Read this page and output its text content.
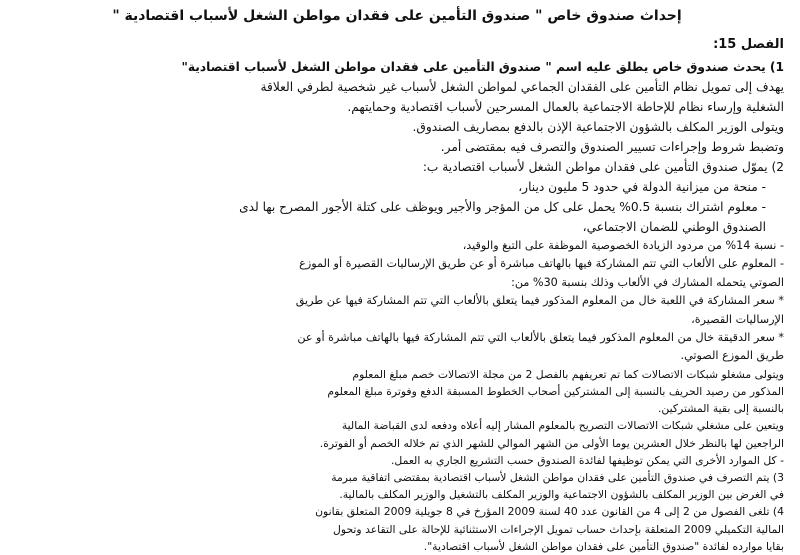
إحداث صندوق خاص " صندوق التأمين على فقدان مواطن الشغل لأسباب اقتصادية "
الفصل 15:
1) يحدث صندوق خاص يطلق عليه اسم " صندوق التأمين على فقدان مواطن الشغل لأسباب اقتصادية"
يهدف إلى تمويل نظام التأمين على الفقدان الجماعي لمواطن الشغل لأسباب غير شخصية لطرفي العلاقة
الشغلية وإرساء نظام للإحاطة الاجتماعية بالعمال المسرحين لأسباب اقتصادية وحمايتهم.
ويتولى الوزير المكلف بالشؤون الاجتماعية الإذن بالدفع بمصاريف الصندوق.
وتضبط شروط وإجراءات تسيير الصندوق والتصرف فيه بمقتضى أمر.
2) يموّل صندوق التأمين على فقدان مواطن الشغل لأسباب اقتصادية ب:
- منحة من ميزانية الدولة في حدود 5 مليون دينار،
- معلوم اشتراك بنسبة 0.5% يحمل على كل من المؤجر والأجير ويوظف على كتلة الأجور المصرح بها لدى
الصندوق الوطني للضمان الاجتماعي،
- نسبة 14% من مردود الزيادة الخصوصية الموظفة على التبغ والوقيد،
- المعلوم على الألعاب التي تتم المشاركة فيها بالهاتف مباشرة أو عن طريق الإرساليات القصيرة أو الموزع
الصوتي يتحمله المشارك في الألعاب وذلك بنسبة 30% من:
* سعر المشاركة في اللعبة خال من المعلوم المذكور فيما يتعلق بالألعاب التي تتم المشاركة فيها عن طريق
الإرساليات القصيرة،
* سعر الدقيقة خال من المعلوم المذكور فيما يتعلق بالألعاب التي تتم المشاركة فيها بالهاتف مباشرة أو عن
طريق الموزع الصوتي.
ويتولى مشغلو شبكات الاتصالات كما تم تعريفهم بالفصل 2 من مجلة الاتصالات خصم مبلغ المعلوم
المذكور من رصيد الحريف بالنسبة إلى المشتركين أصحاب الخطوط المسبقة الدفع وفوترة مبلغ المعلوم
بالنسبة إلى بقية المشتركين.
ويتعين على مشغلي شبكات الاتصالات التصريح بالمعلوم المشار إليه أعلاه ودفعه لدى القباضة المالية
الراجعين لها بالنظر خلال العشرين يوما الأولى من الشهر الموالي للشهر الذي تم خلاله الخصم أو الفوترة.
- كل الموارد الأخرى التي يمكن توظيفها لفائدة الصندوق حسب التشريع الجاري به العمل.
3) يتم التصرف في صندوق التأمين على فقدان مواطن الشغل لأسباب اقتصادية بمقتضى اتفاقية مبرمة
في الغرض بين الوزير المكلف بالشؤون الاجتماعية والوزير المكلف بالتشغيل والوزير المكلف بالمالية.
4) تلغى الفصول من 2 إلى 4 من القانون عدد 40 لسنة 2009 المؤرخ في 8 جويلية 2009 المتعلق بقانون
المالية التكميلي 2009 المتعلقة بإحداث حساب تمويل الإجراءات الاستثنائية للإحالة على التقاعد وتحول
بقايا موارده لفائدة "صندوق التأمين على فقدان مواطن الشغل لأسباب اقتصادية".
